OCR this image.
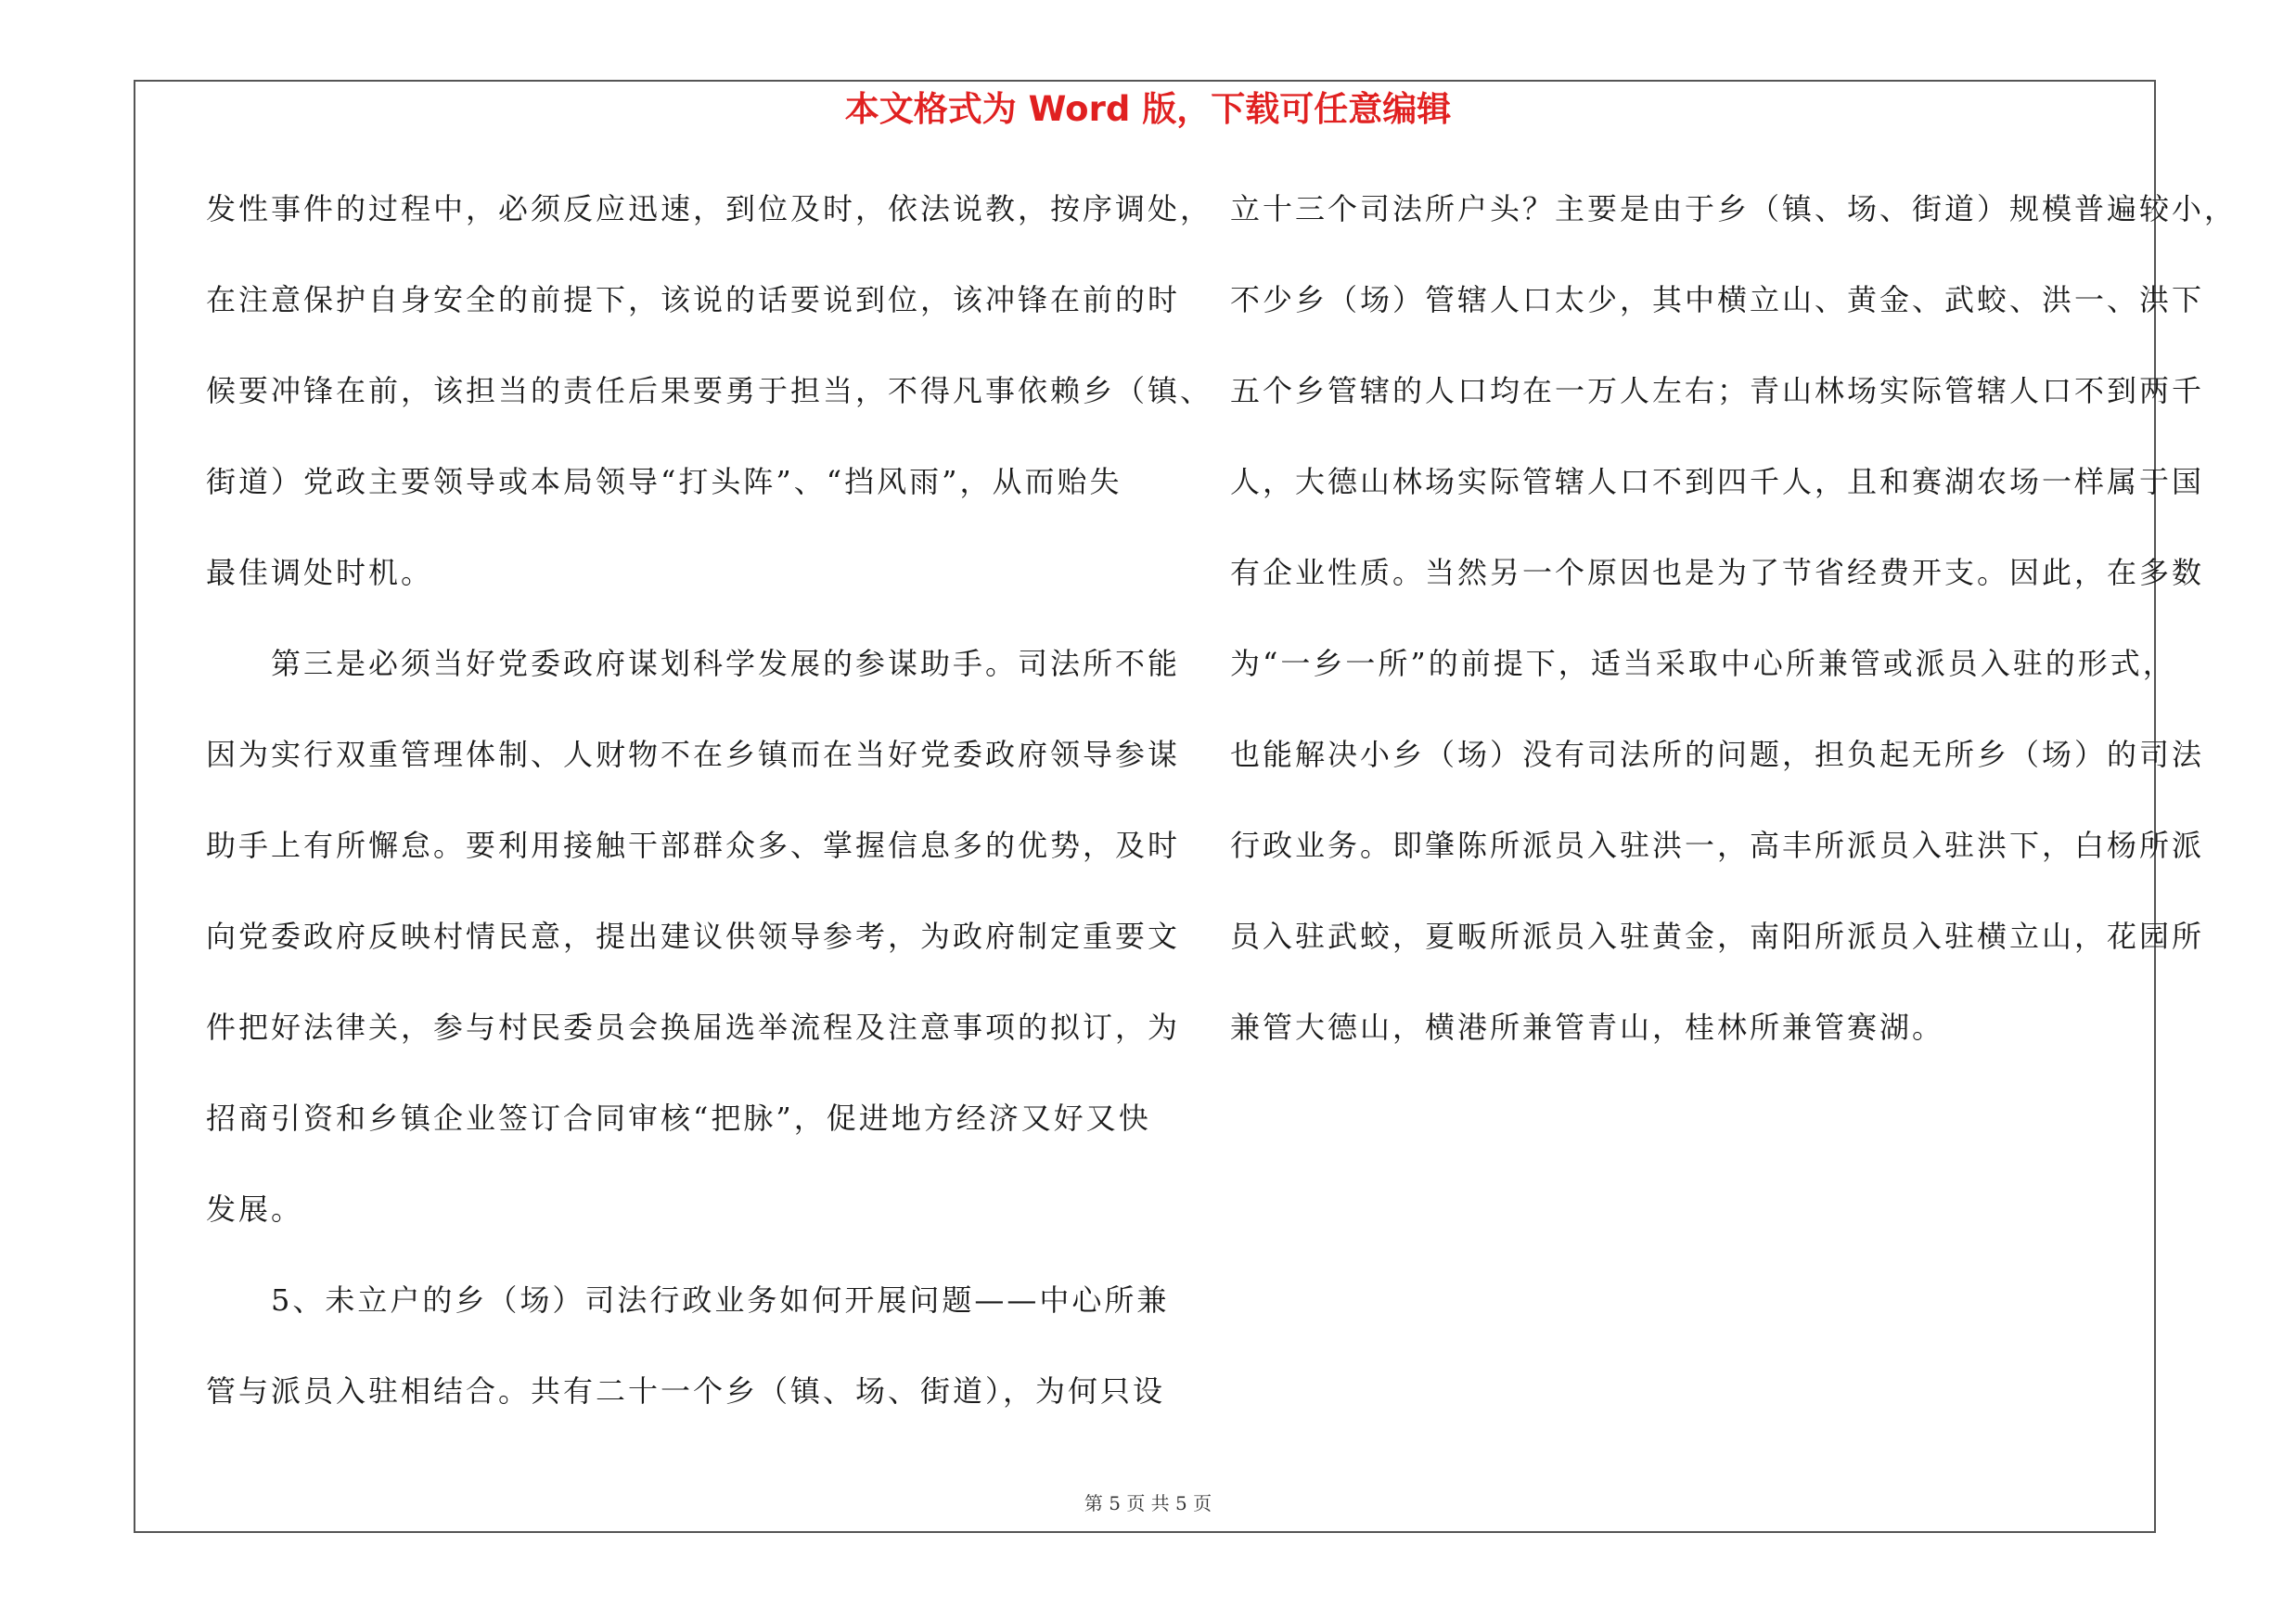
本文格式为 Word 版，下载可任意编辑
发性事件的过程中，必须反应迅速，到位及时，依法说教，按序调处，
在注意保护自身安全的前提下，该说的话要说到位，该冲锋在前的时
候要冲锋在前，该担当的责任后果要勇于担当，不得凡事依赖乡（镇、
街道）党政主要领导或本局领导“打头阵”、“挡风雨”，从而贻失
最佳调处时机。
　　第三是必须当好党委政府谋划科学发展的参谋助手。司法所不能
因为实行双重管理体制、人财物不在乡镇而在当好党委政府领导参谋
助手上有所懈怠。要利用接触干部群众多、掌握信息多的优势，及时
向党委政府反映村情民意，提出建议供领导参考，为政府制定重要文
件把好法律关，参与村民委员会换届选举流程及注意事项的拟订，为
招商引资和乡镇企业签订合同审核“把脉”，促进地方经济又好又快
发展。
　　5、未立户的乡（场）司法行政业务如何开展问题——中心所兼
管与派员入驻相结合。共有二十一个乡（镇、场、街道），为何只设
立十三个司法所户头？主要是由于乡（镇、场、街道）规模普遍较小，
不少乡（场）管辖人口太少，其中横立山、黄金、武蛟、洪一、洪下
五个乡管辖的人口均在一万人左右；青山林场实际管辖人口不到两千
人，大德山林场实际管辖人口不到四千人，且和赛湖农场一样属于国
有企业性质。当然另一个原因也是为了节省经费开支。因此，在多数
为“一乡一所”的前提下，适当采取中心所兼管或派员入驻的形式，
也能解决小乡（场）没有司法所的问题，担负起无所乡（场）的司法
行政业务。即肇陈所派员入驻洪一，高丰所派员入驻洪下，白杨所派
员入驻武蛟，夏畈所派员入驻黄金，南阳所派员入驻横立山，花园所
兼管大德山，横港所兼管青山，桂林所兼管赛湖。
第 5 页 共 5 页
